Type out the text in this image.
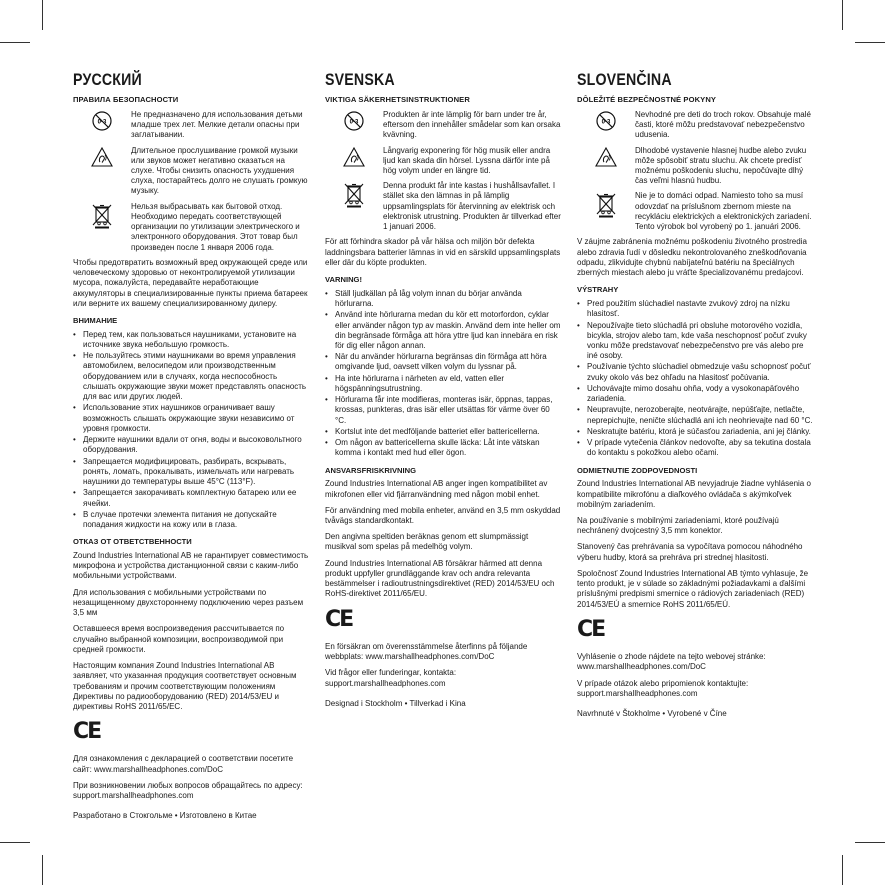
РУССКИЙ
ПРАВИЛА БЕЗОПАСНОСТИ
0-3
Не предназначено для использования детьми младше трех лет. Мелкие детали опасны при заглатывании.
Длительное прослушивание громкой музыки или звуков может негативно сказаться на слухе. Чтобы снизить опасность ухудшения слуха, постарайтесь долго не слушать громкую музыку.
Нельзя выбрасывать как бытовой отход. Необходимо передать соответствующей организации по утилизации электрического и электронного оборудования. Этот товар был произведен после 1 января 2006 года.
Чтобы предотвратить возможный вред окружающей среде или человеческому здоровью от неконтролируемой утилизации мусора, пожалуйста, передавайте неработающие аккумуляторы в специализированные пункты приема батареек или верните их вашему специализированному дилеру.
ВНИМАНИЕ
• Перед тем, как пользоваться наушниками, установите на источнике звука небольшую громкость.
• Не пользуйтесь этими наушниками во время управления автомобилем, велосипедом или производственным оборудованием или в случаях, когда неспособность слышать окружающие звуки может представлять опасность для вас или других людей.
• Использование этих наушников ограничивает вашу возможность слышать окружающие звуки независимо от уровня громкости.
• Держите наушники вдали от огня, воды и высоковольтного оборудования.
• Запрещается модифицировать, разбирать, вскрывать, ронять, ломать, прокалывать, измельчать или нагревать наушники до температуры выше 45°C (113°F).
• Запрещается закорачивать комплектную батарею или ее ячейки.
• В случае протечки элемента питания не допускайте попадания жидкости на кожу или в глаза.
ОТКАЗ ОТ ОТВЕТСТВЕННОСТИ
Zound Industries International AB не гарантирует совместимость микрофона и устройства дистанционной связи с каким-либо мобильными устройствами.
Для использования с мобильными устройствами по незащищенному двухстороннему подключению через разъем 3,5 мм
Оставшееся время воспроизведения рассчитывается по случайно выбранной композиции, воспроизводимой при средней громкости.
Настоящим компания Zound Industries International AB заявляет, что указанная продукция соответствует основным требованиям и прочим соответствующим положениям Директивы по радиооборудованию (RED) 2014/53/EU и директивы RoHS 2011/65/EC.
CE
Для ознакомления с декларацией о соответствии посетите сайт: www.marshallheadphones.com/DoC
При возникновении любых вопросов обращайтесь по адресу: support.marshallheadphones.com
Разработано в Стокгольме • Изготовлено в Китае
SVENSKA
VIKTIGA SÄKERHETSINSTRUKTIONER
0-3
Produkten är inte lämplig för barn under tre år, eftersom den innehåller smådelar som kan orsaka kvävning.
Långvarig exponering för hög musik eller andra ljud kan skada din hörsel. Lyssna därför inte på hög volym under en längre tid.
Denna produkt får inte kastas i hushållsavfallet. I stället ska den lämnas in på lämplig uppsamlingsplats för återvinning av elektrisk och elektronisk utrustning. Produkten är tillverkad efter 1 januari 2006.
För att förhindra skador på vår hälsa och miljön bör defekta laddningsbara batterier lämnas in vid en särskild uppsamlingsplats eller där du köpte produkten.
VARNING!
• Ställ ljudkällan på låg volym innan du börjar använda hörlurarna.
• Använd inte hörlurarna medan du kör ett motorfordon, cyklar eller använder någon typ av maskin. Använd dem inte heller om din begränsade förmåga att höra yttre ljud kan innebära en risk för dig eller någon annan.
• När du använder hörlurarna begränsas din förmåga att höra omgivande ljud, oavsett vilken volym du lyssnar på.
• Ha inte hörlurarna i närheten av eld, vatten eller högspänningsutrustning.
• Hörlurarna får inte modifieras, monteras isär, öppnas, tappas, krossas, punkteras, dras isär eller utsättas för värme över 60 °C.
• Kortslut inte det medföljande batteriet eller battericellerna.
• Om någon av battericellerna skulle läcka: Låt inte vätskan komma i kontakt med hud eller ögon.
ANSVARSFRISKRIVNING
Zound Industries International AB anger ingen kompatibilitet av mikrofonen eller vid fjärranvändning med någon mobil enhet.
För användning med mobila enheter, använd en 3,5 mm oskyddad tvåvägs standardkontakt.
Den angivna speltiden beräknas genom ett slumpmässigt musikval som spelas på medelhög volym.
Zound Industries International AB försäkrar härmed att denna produkt uppfyller grundläggande krav och andra relevanta bestämmelser i radioutrustningsdirektivet (RED) 2014/53/EU och RoHS-direktivet 2011/65/EU.
CE
En försäkran om överensstämmelse återfinns på följande webbplats: www.marshallheadphones.com/DoC
Vid frågor eller funderingar, kontakta: support.marshallheadphones.com
Designad i Stockholm • Tillverkad i Kina
SLOVENČINA
DÔLEŽITÉ BEZPEČNOSTNÉ POKYNY
0-3
Nevhodné pre deti do troch rokov. Obsahuje malé časti, ktoré môžu predstavovať nebezpečenstvo udusenia.
Dlhodobé vystavenie hlasnej hudbe alebo zvuku môže spôsobiť stratu sluchu. Ak chcete predísť možnému poškodeniu sluchu, nepočúvajte dlhý čas veľmi hlasnú hudbu.
Nie je to domáci odpad. Namiesto toho sa musí odovzdať na príslušnom zbernom mieste na recykláciu elektrických a elektronických zariadení. Tento výrobok bol vyrobený po 1. januári 2006.
V záujme zabránenia možnému poškodeniu životného prostredia alebo zdravia ľudí v dôsledku nekontrolovaného zneškodňovania odpadu, zlikvidujte chybnú nabíjateľnú batériu na špeciálnych zberných miestach alebo ju vráťte špecializovanému predajcovi.
VÝSTRAHY
• Pred použitím slúchadiel nastavte zvukový zdroj na nízku hlasitosť.
• Nepoužívajte tieto slúchadlá pri obsluhe motorového vozidla, bicykla, strojov alebo tam, kde vaša neschopnosť počuť zvuky vonku môže predstavovať nebezpečenstvo pre vás alebo pre iné osoby.
• Používanie týchto slúchadiel obmedzuje vašu schopnosť počuť zvuky okolo vás bez ohľadu na hlasitosť počúvania.
• Uchovávajte mimo dosahu ohňa, vody a vysokonapäťového zariadenia.
• Neupravujte, nerozoberajte, neotvárajte, nepúšťajte, netlačte, neprepichujte, neničte slúchadlá ani ich neohrievajte nad 60 °C.
• Neskratujte batériu, ktorá je súčasťou zariadenia, ani jej články.
• V prípade vytečenia článkov nedovoľte, aby sa tekutina dostala do kontaktu s pokožkou alebo očami.
ODMIETNUTIE ZODPOVEDNOSTI
Zound Industries International AB nevyjadruje žiadne vyhlásenia o kompatibilite mikrofónu a diaľkového ovládača s akýmkoľvek mobilným zariadením.
Na používanie s mobilnými zariadeniami, ktoré používajú nechránený dvojcestný 3,5 mm konektor.
Stanovený čas prehrávania sa vypočítava pomocou náhodného výberu hudby, ktorá sa prehráva pri strednej hlasitosti.
Spoločnosť Zound Industries International AB týmto vyhlasuje, že tento produkt, je v súlade so základnými požiadavkami a ďalšími príslušnými predpismi smernice o rádiových zariadeniach (RED) 2014/53/EÚ a smernice RoHS 2011/65/EÚ.
CE
Vyhlásenie o zhode nájdete na tejto webovej stránke: www.marshallheadphones.com/DoC
V prípade otázok alebo pripomienok kontaktujte: support.marshallheadphones.com
Navrhnuté v Štokholme • Vyrobené v Číne
